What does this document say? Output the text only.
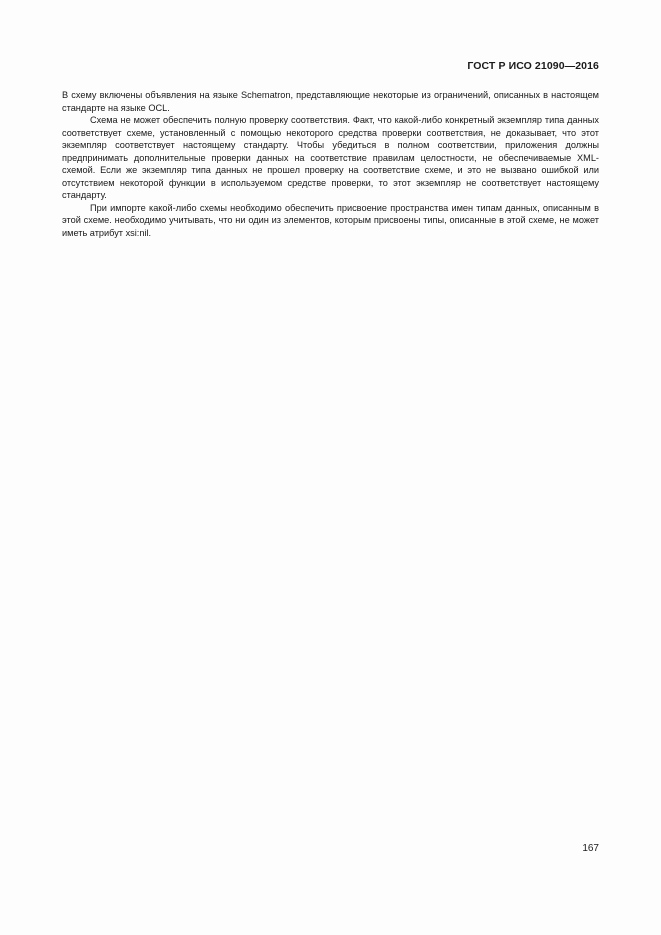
ГОСТ Р ИСО 21090—2016

В схему включены объявления на языке Schematron, представляющие некоторые из ограничений, описанных в настоящем стандарте на языке OCL.

Схема не может обеспечить полную проверку соответствия. Факт, что какой-либо конкретный экземпляр типа данных соответствует схеме, установленный с помощью некоторого средства проверки соответствия, не доказывает, что этот экземпляр соответствует настоящему стандарту. Чтобы убедиться в полном соответствии, приложения должны предпринимать дополнительные проверки данных на соответствие правилам целостности, не обеспечиваемые XML-схемой. Если же экземпляр типа данных не прошел проверку на соответствие схеме, и это не вызвано ошибкой или отсутствием некоторой функции в используемом средстве проверки, то этот экземпляр не соответствует настоящему стандарту.

При импорте какой-либо схемы необходимо обеспечить присвоение пространства имен типам данных, описанным в этой схеме. необходимо учитывать, что ни один из элементов, которым присвоены типы, описанные в этой схеме, не может иметь атрибут xsi:nil.

167
